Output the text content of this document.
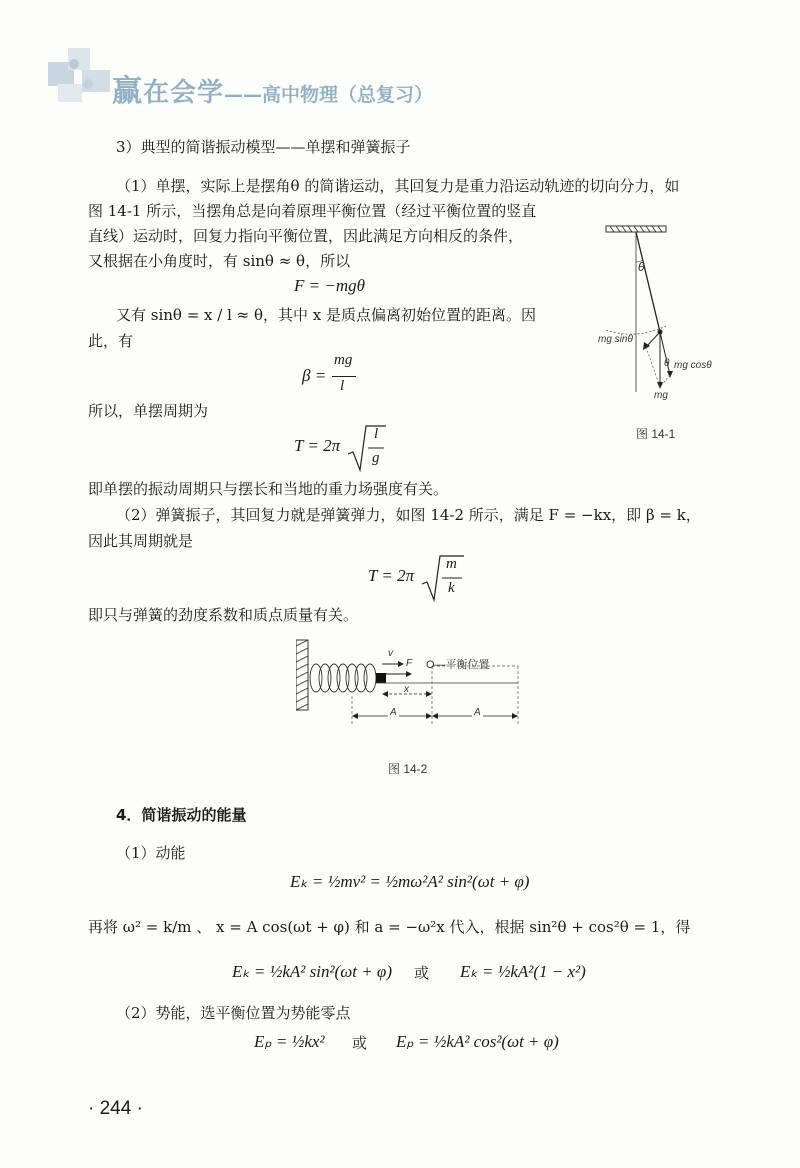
赢在会学——高中物理（总复习）
3）典型的简谐振动模型——单摆和弹簧振子
（1）单摆，实际上是摆角θ 的简谐运动，其回复力是重力沿运动轨迹的切向分力，如
图 14-1 所示，当摆角总是向着原理平衡位置（经过平衡位置的竖直
直线）运动时，回复力指向平衡位置，因此满足方向相反的条件，
又根据在小角度时，有 sinθ ≈ θ，所以
F = −mgθ
又有 sinθ = x / l ≈ θ，其中 x 是质点偏离初始位置的距离。因
此，有
β =
mg
l
所以，单摆周期为
T = 2π
l
g
即单摆的振动周期只与摆长和当地的重力场强度有关。
（2）弹簧振子，其回复力就是弹簧弹力，如图 14-2 所示，满足 F = −kx，即 β = k，
因此其周期就是
T = 2π
m
k
即只与弹簧的劲度系数和质点质量有关。
θ
mg sinθ
θ mg cosθ
mg
图 14-1
v
F O—平衡位置
x
A	A
图 14-2
4．简谐振动的能量
（1）动能
Eₖ = ½mv² = ½mω²A² sin²(ωt + φ)
再将 ω² = k/m 、 x = A cos(ωt + φ) 和 a = −ω²x 代入，根据 sin²θ + cos²θ = 1，得
Eₖ = ½kA² sin²(ωt + φ) 或 Eₖ = ½kA²(1 − x²)
（2）势能，选平衡位置为势能零点
Eₚ = ½kx² 或 Eₚ = ½kA² cos²(ωt + φ)
· 244 ·
